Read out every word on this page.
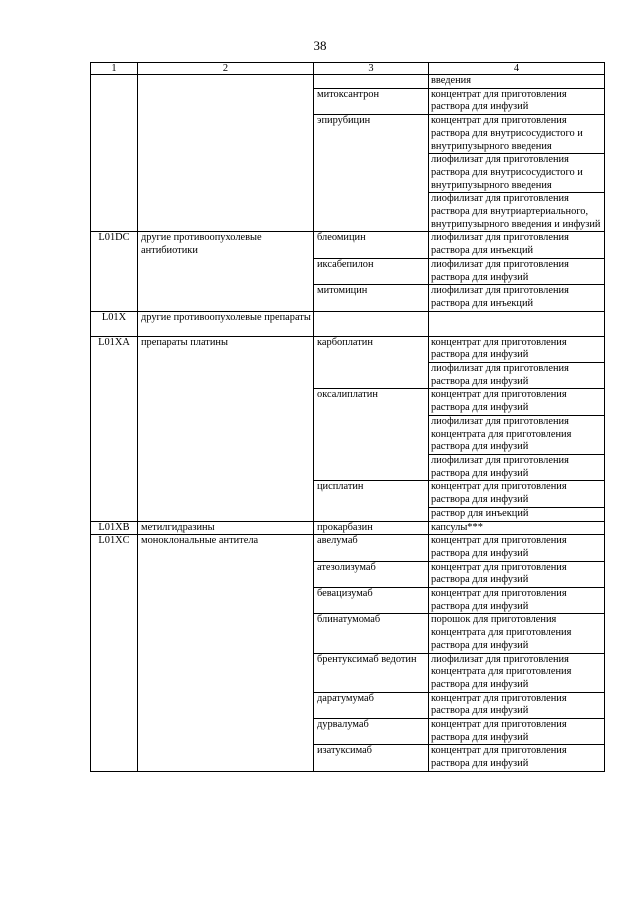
38
1	2	3	4

			введения

		митоксантрон	концентрат для приготовления раствора для инфузий

		эпирубицин	концентрат для приготовления раствора для внутрисосудистого и внутрипузырного введения
лиофилизат для приготовления раствора для внутрисосудистого и внутрипузырного введения
лиофилизат для приготовления раствора для внутриартериального, внутрипузырного введения и инфузий

L01DC	другие противоопухолевые антибиотики	блеомицин	лиофилизат для приготовления раствора для инъекций

		иксабепилон	лиофилизат для приготовления раствора для инфузий

		митомицин	лиофилизат для приготовления раствора для инъекций

L01X	другие противоопухолевые препараты		

L01XA	препараты платины	карбоплатин	концентрат для приготовления раствора для инфузий
лиофилизат для приготовления раствора для инфузий

		оксалиплатин	концентрат для приготовления раствора для инфузий
лиофилизат для приготовления концентрата для приготовления раствора для инфузий
лиофилизат для приготовления раствора для инфузий

		цисплатин	концентрат для приготовления раствора для инфузий
раствор для инъекций

L01XB	метилгидразины	прокарбазин	капсулы***

L01XC	моноклональные антитела	авелумаб	концентрат для приготовления раствора для инфузий

		атезолизумаб	концентрат для приготовления раствора для инфузий

		бевацизумаб	концентрат для приготовления раствора для инфузий

		блинатумомаб	порошок для приготовления концентрата для приготовления раствора для инфузий

		брентуксимаб ведотин	лиофилизат для приготовления концентрата для приготовления раствора для инфузий

		даратумумаб	концентрат для приготовления раствора для инфузий

		дурвалумаб	концентрат для приготовления раствора для инфузий

		изатуксимаб	концентрат для приготовления раствора для инфузий
